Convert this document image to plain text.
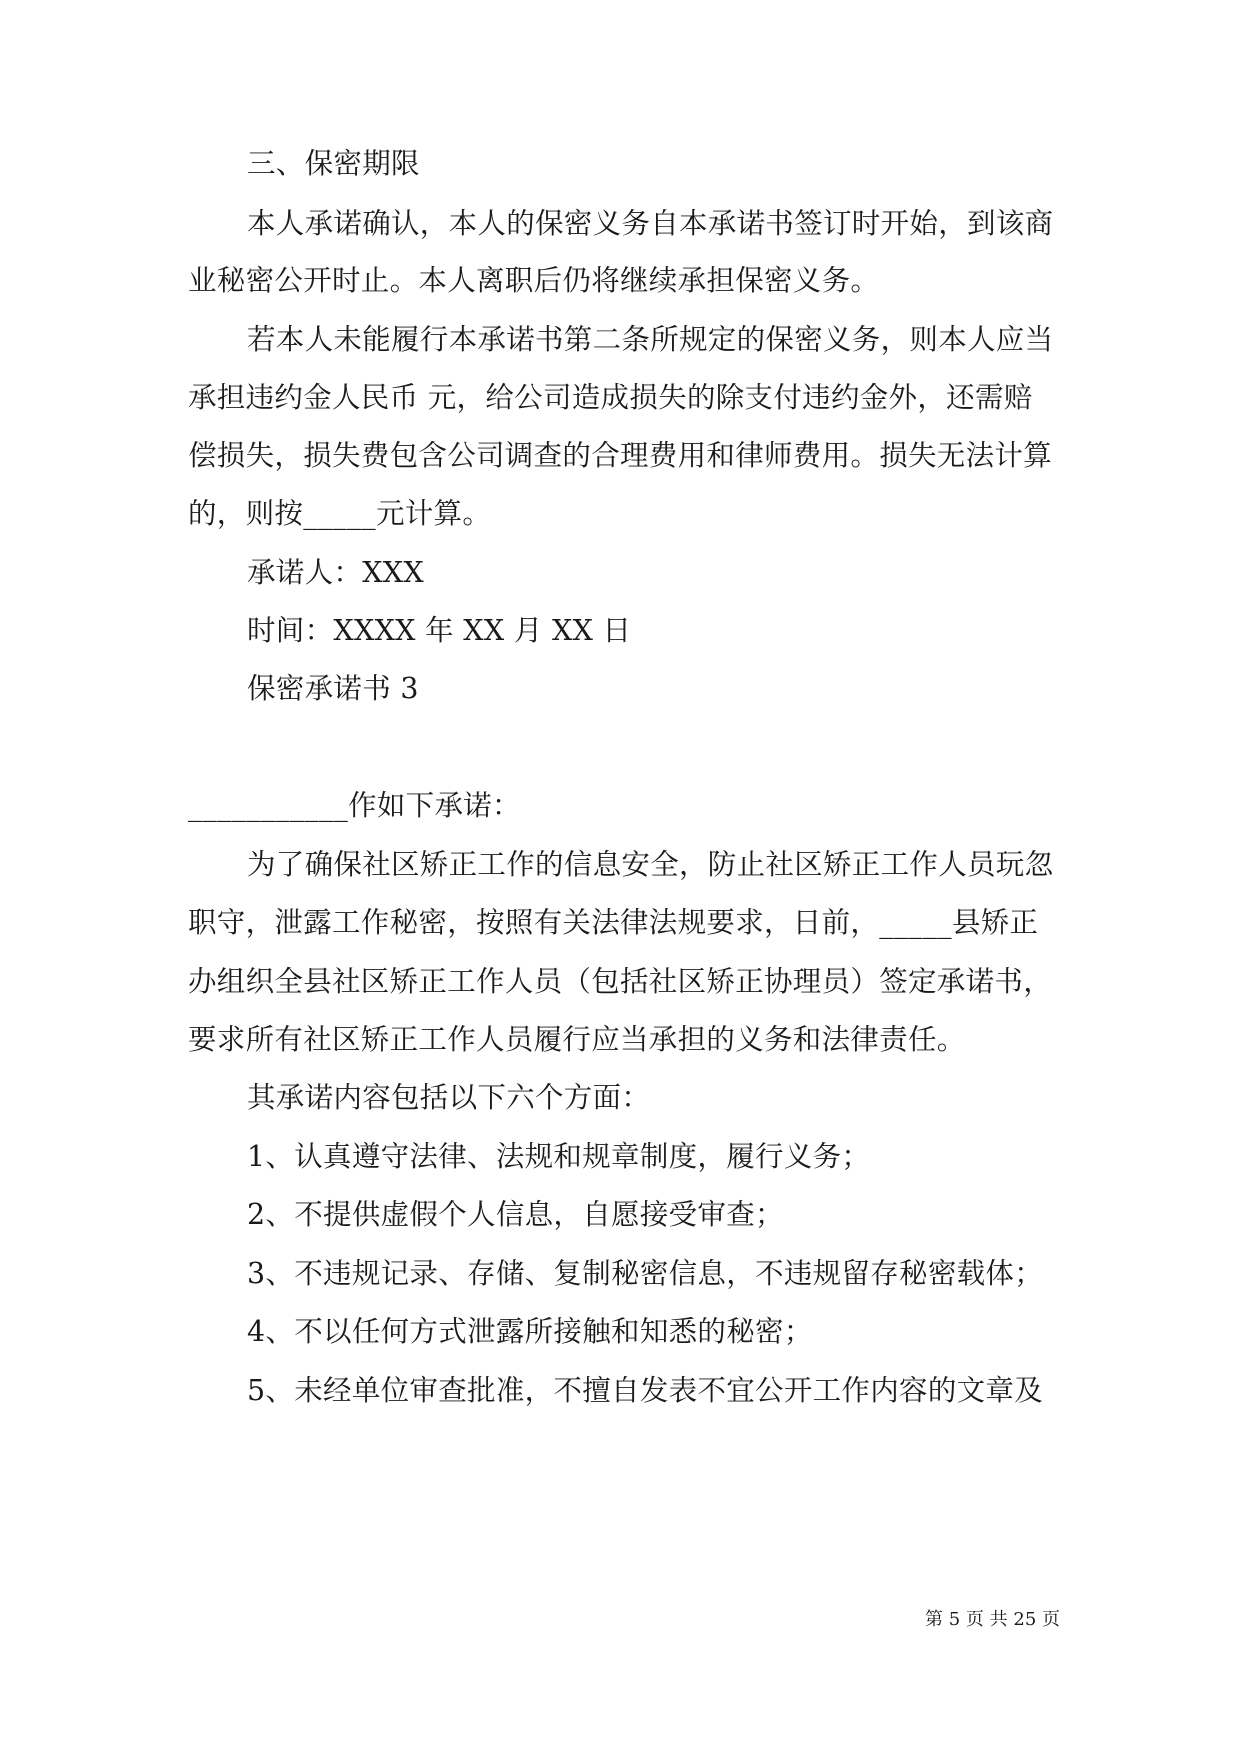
三、保密期限
本人承诺确认，本人的保密义务自本承诺书签订时开始，到该商
业秘密公开时止。本人离职后仍将继续承担保密义务。
若本人未能履行本承诺书第二条所规定的保密义务，则本人应当
承担违约金人民币 元，给公司造成损失的除支付违约金外，还需赔
偿损失，损失费包含公司调查的合理费用和律师费用。损失无法计算
的，则按_____元计算。
承诺人：XXX
时间：XXXX 年 XX 月 XX 日
保密承诺书 3
___________作如下承诺：
为了确保社区矫正工作的信息安全，防止社区矫正工作人员玩忽
职守，泄露工作秘密，按照有关法律法规要求，日前，_____县矫正
办组织全县社区矫正工作人员（包括社区矫正协理员）签定承诺书，
要求所有社区矫正工作人员履行应当承担的义务和法律责任。
其承诺内容包括以下六个方面：
1、认真遵守法律、法规和规章制度，履行义务；
2、不提供虚假个人信息，自愿接受审查；
3、不违规记录、存储、复制秘密信息，不违规留存秘密载体；
4、不以任何方式泄露所接触和知悉的秘密；
5、未经单位审查批准，不擅自发表不宜公开工作内容的文章及
第 5 页 共 25 页
